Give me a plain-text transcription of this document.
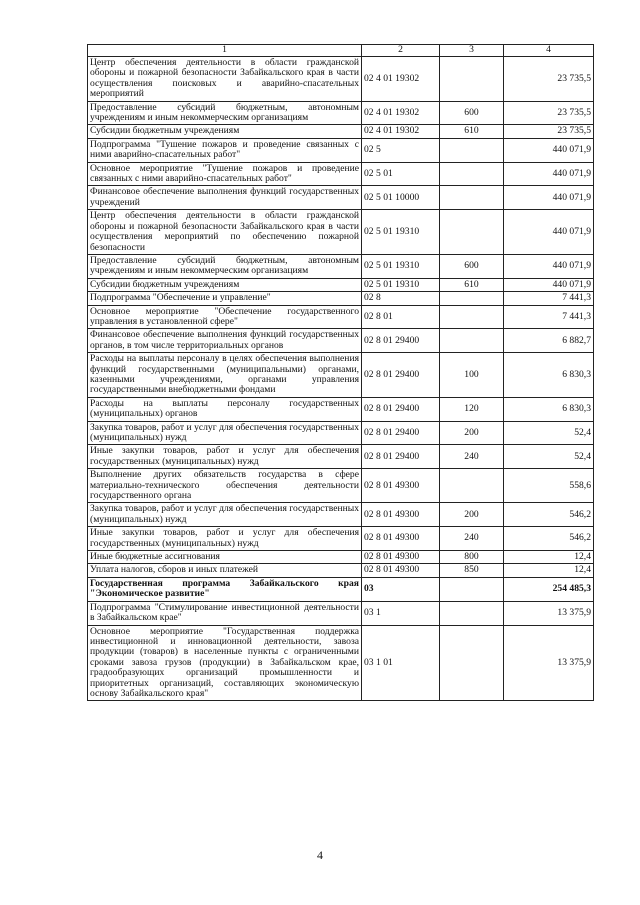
1	2	3	4
Центр обеспечения деятельности в области гражданской обороны и пожарной безопасности Забайкальского края в части осуществления поисковых и аварийно-спасательных мероприятий	02 4 01 19302		23 735,5
Предоставление субсидий бюджетным, автономным учреждениям и иным некоммерческим организациям	02 4 01 19302	600	23 735,5
Субсидии бюджетным учреждениям	02 4 01 19302	610	23 735,5
Подпрограмма "Тушение пожаров и проведение связанных с ними аварийно-спасательных работ"	02 5		440 071,9
Основное мероприятие "Тушение пожаров и проведение связанных с ними аварийно-спасательных работ"	02 5 01		440 071,9
Финансовое обеспечение выполнения функций государственных учреждений	02 5 01 10000		440 071,9
Центр обеспечения деятельности в области гражданской обороны и пожарной безопасности Забайкальского края в части осуществления мероприятий по обеспечению пожарной безопасности	02 5 01 19310		440 071,9
Предоставление субсидий бюджетным, автономным учреждениям и иным некоммерческим организациям	02 5 01 19310	600	440 071,9
Субсидии бюджетным учреждениям	02 5 01 19310	610	440 071,9
Подпрограмма "Обеспечение и управление"	02 8		7 441,3
Основное мероприятие "Обеспечение государственного управления в установленной сфере"	02 8 01		7 441,3
Финансовое обеспечение выполнения функций государственных органов, в том числе территориальных органов	02 8 01 29400		6 882,7
Расходы на выплаты персоналу в целях обеспечения выполнения функций государственными (муниципальными) органами, казенными учреждениями, органами управления государственными внебюджетными фондами	02 8 01 29400	100	6 830,3
Расходы на выплаты персоналу государственных (муниципальных) органов	02 8 01 29400	120	6 830,3
Закупка товаров, работ и услуг для обеспечения государственных (муниципальных) нужд	02 8 01 29400	200	52,4
Иные закупки товаров, работ и услуг для обеспечения государственных (муниципальных) нужд	02 8 01 29400	240	52,4
Выполнение других обязательств государства в сфере материально-технического обеспечения деятельности государственного органа	02 8 01 49300		558,6
Закупка товаров, работ и услуг для обеспечения государственных (муниципальных) нужд	02 8 01 49300	200	546,2
Иные закупки товаров, работ и услуг для обеспечения государственных (муниципальных) нужд	02 8 01 49300	240	546,2
Иные бюджетные ассигнования	02 8 01 49300	800	12,4
Уплата налогов, сборов и иных платежей	02 8 01 49300	850	12,4
Государственная программа Забайкальского края "Экономическое развитие"	03		254 485,3
Подпрограмма "Стимулирование инвестиционной деятельности в Забайкальском крае"	03 1		13 375,9
Основное мероприятие "Государственная поддержка инвестиционной и инновационной деятельности, завоза продукции (товаров) в населенные пункты с ограниченными сроками завоза грузов (продукции) в Забайкальском крае, градообразующих организаций промышленности и приоритетных организаций, составляющих экономическую основу Забайкальского края"	03 1 01		13 375,9
4
